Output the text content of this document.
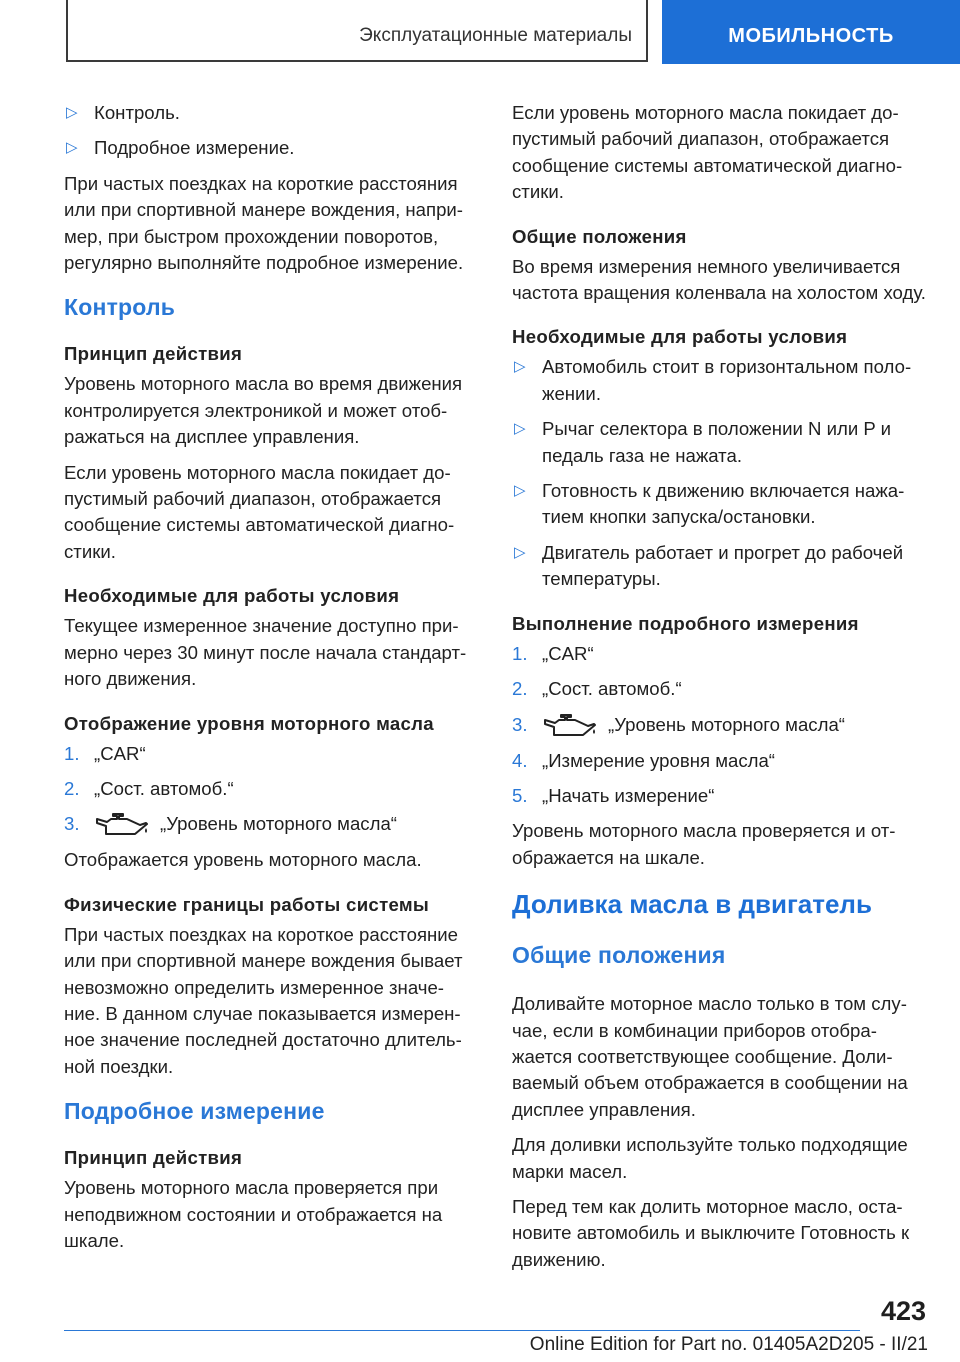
Эксплуатационные материалы	МОБИЛЬНОСТЬ
▷ Контроль.
▷ Подробное измерение.

При частых поездках на короткие расстояния или при спортивной манере вождения, напри-мер, при быстром прохождении поворотов, регулярно выполняйте подробное измерение.

Контроль
Принцип действия

Уровень моторного масла во время движения контролируется электроникой и может отоб-ражаться на дисплее управления.

Если уровень моторного масла покидает до-пустимый рабочий диапазон, отображается сообщение системы автоматической диагно-стики.

Необходимые для работы условия

Текущее измеренное значение доступно при-мерно через 30 минут после начала стандарт-ного движения.

Отображение уровня моторного масла
1. „CAR“
2. „Сост. автомоб.“
3.	„Уровень моторного масла“

Отображается уровень моторного масла.

Физические границы работы системы

При частых поездках на короткое расстояние или при спортивной манере вождения бывает невозможно определить измеренное значе-ние. В данном случае показывается измерен-ное значение последней достаточно длитель-ной поездки.

Подробное измерение
Принцип действия

Уровень моторного масла проверяется при неподвижном состоянии и отображается на шкале.

Если уровень моторного масла покидает до-пустимый рабочий диапазон, отображается сообщение системы автоматической диагно-стики.

Общие положения

Во время измерения немного увеличивается частота вращения коленвала на холостом ходу.

Необходимые для работы условия
▷ Автомобиль стоит в горизонтальном поло-жении.
▷ Рычаг селектора в положении N или P и педаль газа не нажата.
▷ Готовность к движению включается нажа-тием кнопки запуска/остановки.
▷ Двигатель работает и прогрет до рабочей температуры.
Выполнение подробного измерения
1. „CAR“
2. „Сост. автомоб.“
3.	„Уровень моторного масла“
4. „Измерение уровня масла“
5. „Начать измерение“

Уровень моторного масла проверяется и от-ображается на шкале.

Доливка масла в двигатель
Общие положения

Доливайте моторное масло только в том слу-чае, если в комбинации приборов отобра-жается соответствующее сообщение. Доли-ваемый объем отображается в сообщении на дисплее управления.

Для доливки используйте только подходящие марки масел.

Перед тем как долить моторное масло, оста-новите автомобиль и выключите Готовность к движению.

423
Online Edition for Part no. 01405A2D205 - II/21
